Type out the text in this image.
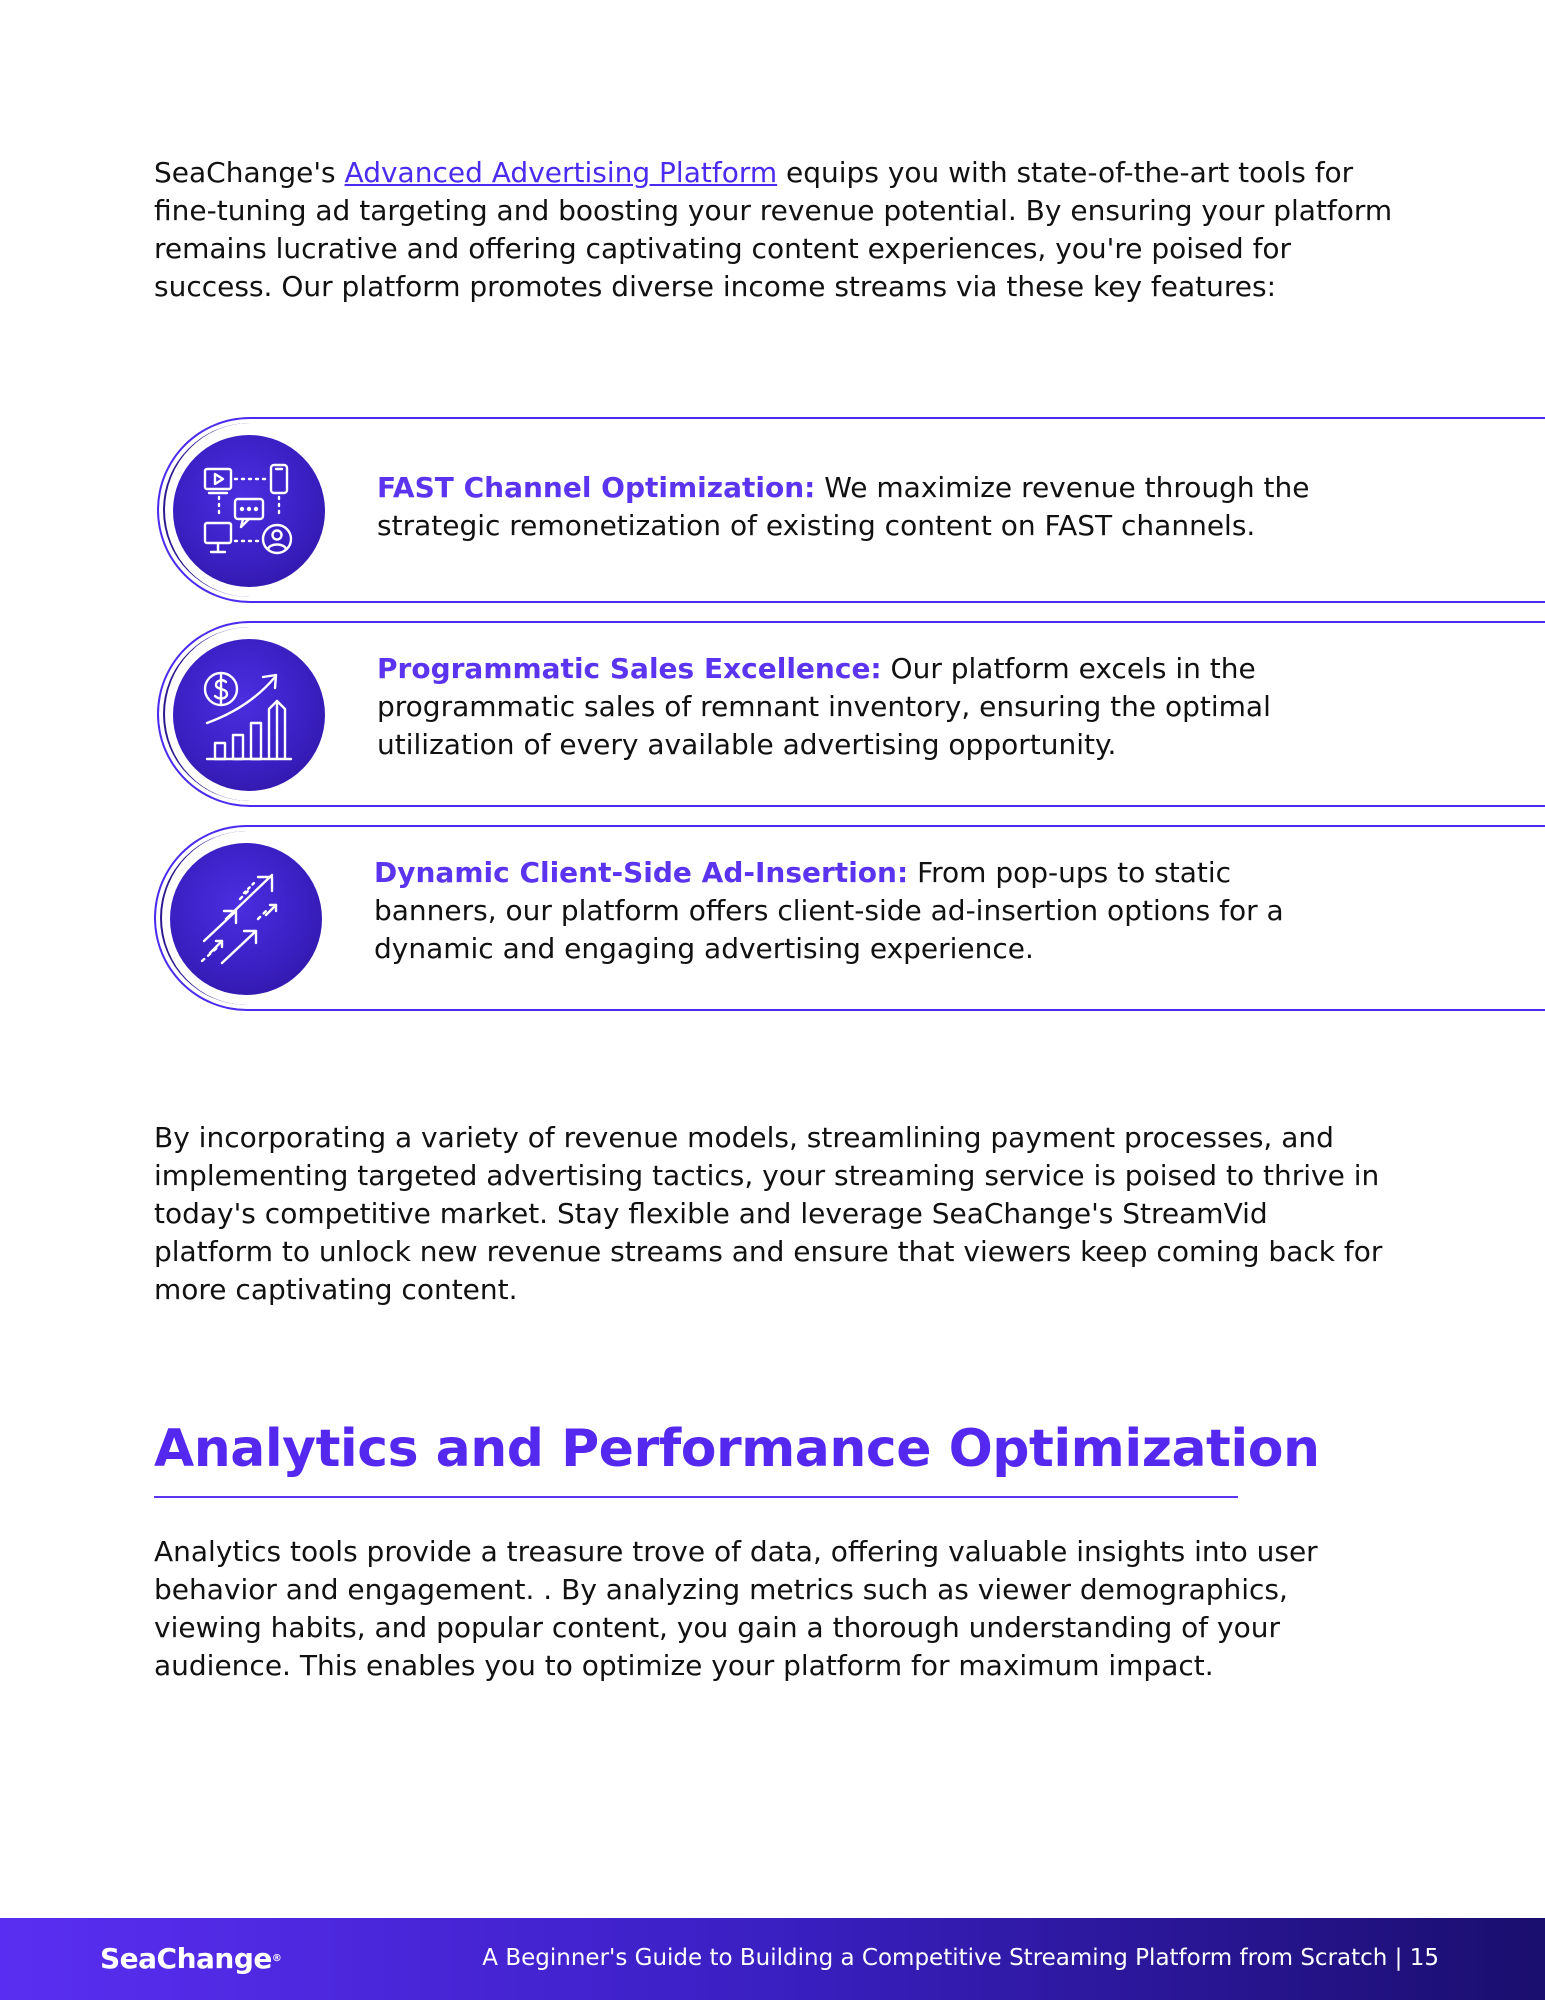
SeaChange's Advanced Advertising Platform equips you with state-of-the-art tools for fine-tuning ad targeting and boosting your revenue potential. By ensuring your platform remains lucrative and offering captivating content experiences, you're poised for success. Our platform promotes diverse income streams via these key features:

FAST Channel Optimization: We maximize revenue through the strategic remonetization of existing content on FAST channels.

Programmatic Sales Excellence: Our platform excels in the programmatic sales of remnant inventory, ensuring the optimal utilization of every available advertising opportunity.

Dynamic Client-Side Ad-Insertion: From pop-ups to static banners, our platform offers client-side ad-insertion options for a dynamic and engaging advertising experience.

By incorporating a variety of revenue models, streamlining payment processes, and implementing targeted advertising tactics, your streaming service is poised to thrive in today's competitive market. Stay flexible and leverage SeaChange's StreamVid platform to unlock new revenue streams and ensure that viewers keep coming back for more captivating content.

Analytics and Performance Optimization

Analytics tools provide a treasure trove of data, offering valuable insights into user behavior and engagement. . By analyzing metrics such as viewer demographics, viewing habits, and popular content, you gain a thorough understanding of your audience. This enables you to optimize your platform for maximum impact.

SeaChange®	A Beginner's Guide to Building a Competitive Streaming Platform from Scratch | 15
